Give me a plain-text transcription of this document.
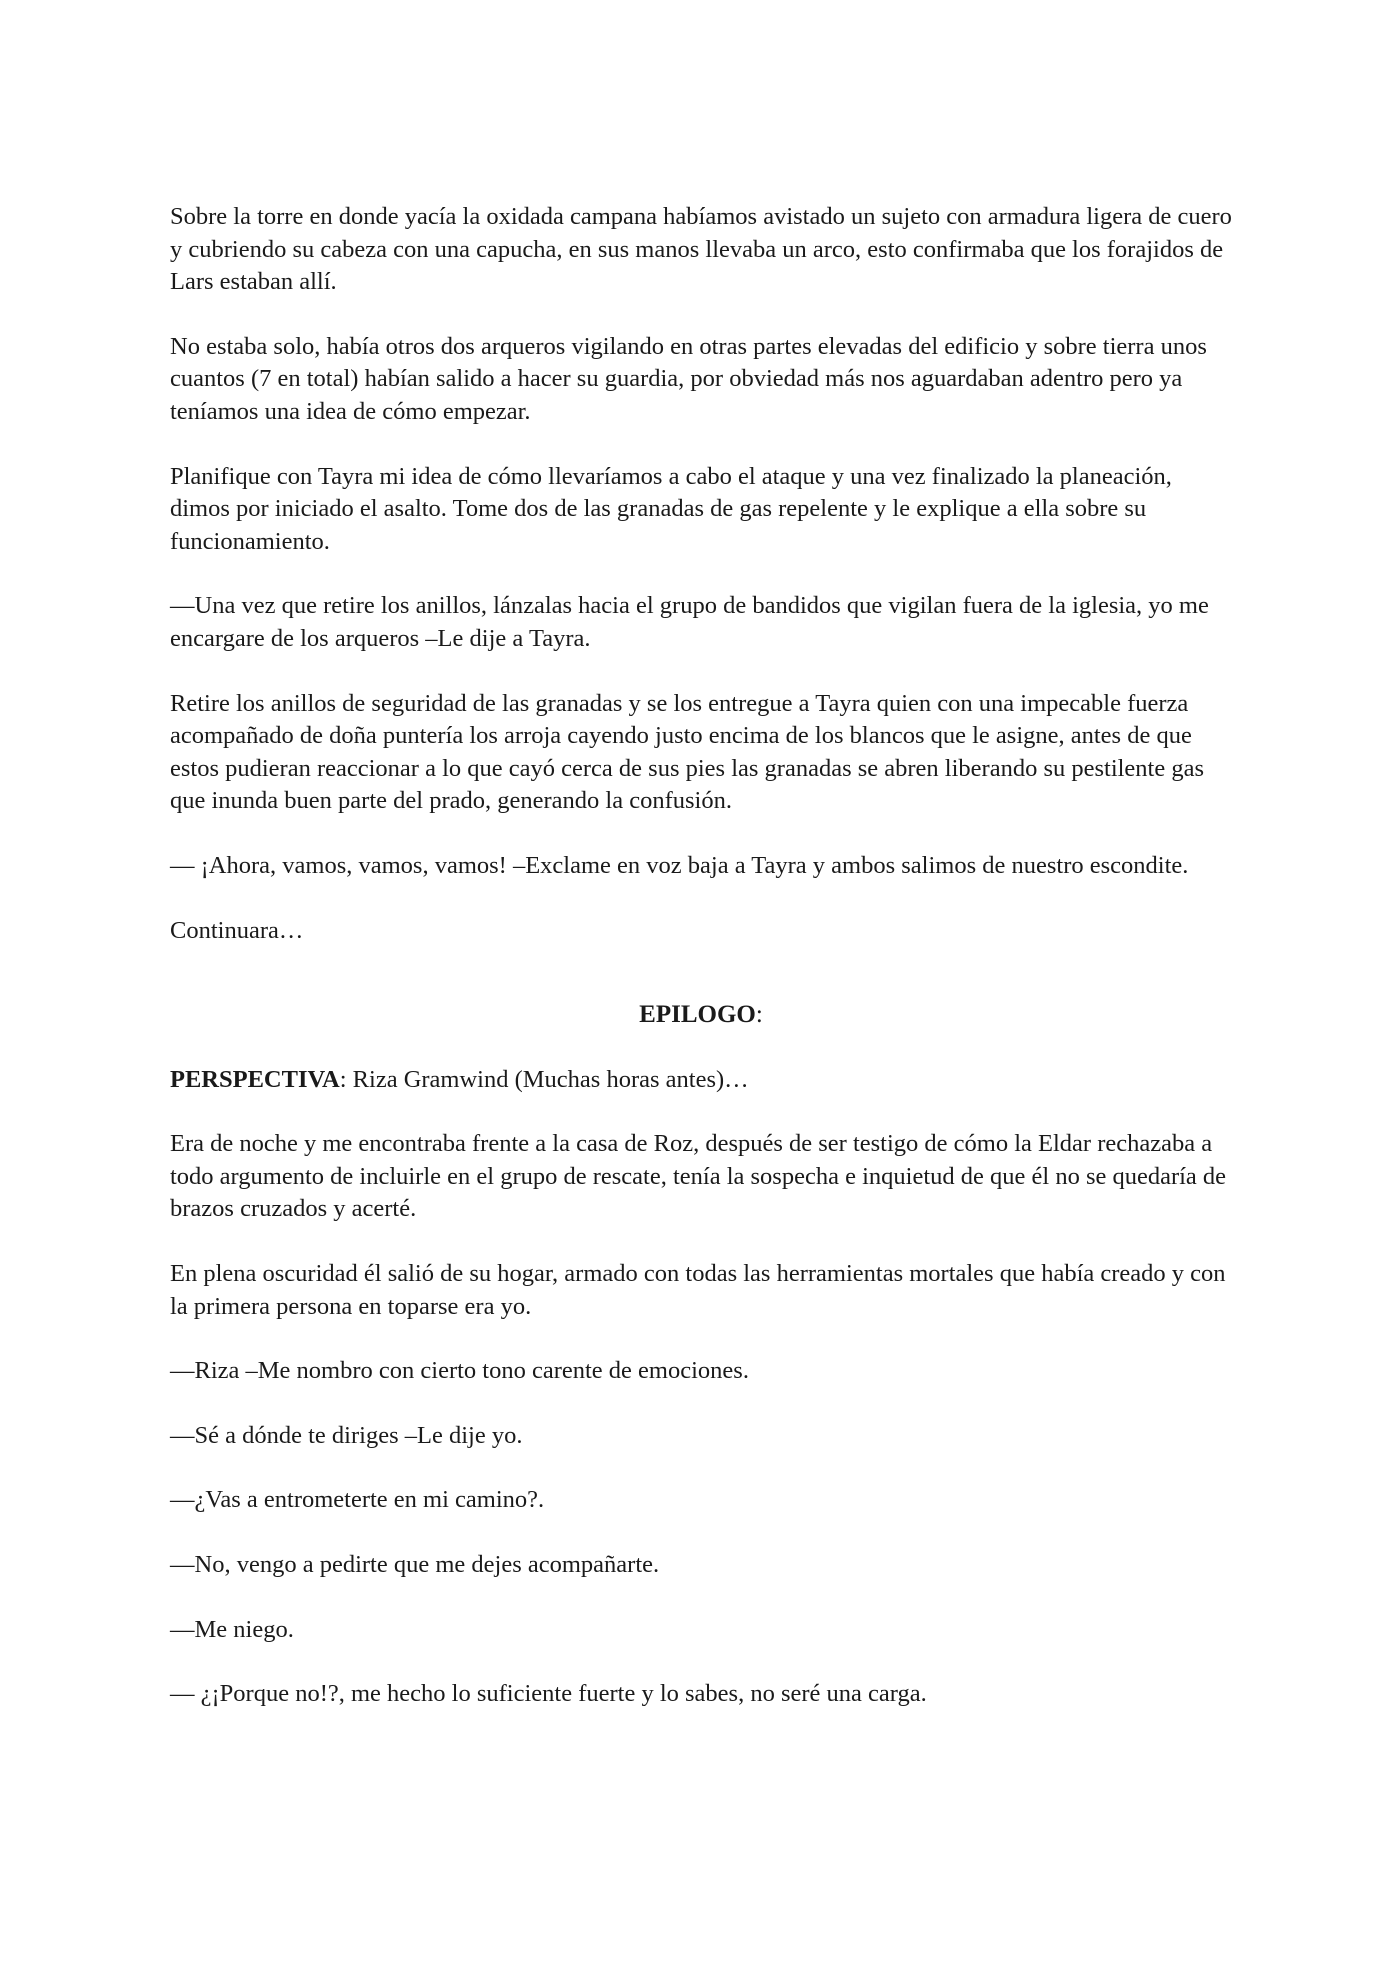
Sobre la torre en donde yacía la oxidada campana habíamos avistado un sujeto con armadura ligera de cuero y cubriendo su cabeza con una capucha, en sus manos llevaba un arco, esto confirmaba que los forajidos de Lars estaban allí.

No estaba solo, había otros dos arqueros vigilando en otras partes elevadas del edificio y sobre tierra unos cuantos (7 en total) habían salido a hacer su guardia, por obviedad más nos aguardaban adentro pero ya teníamos una idea de cómo empezar.

Planifique con Tayra mi idea de cómo llevaríamos a cabo el ataque y una vez finalizado la planeación, dimos por iniciado el asalto. Tome dos de las granadas de gas repelente y le explique a ella sobre su funcionamiento.

—Una vez que retire los anillos, lánzalas hacia el grupo de bandidos que vigilan fuera de la iglesia, yo me encargare de los arqueros –Le dije a Tayra.

Retire los anillos de seguridad de las granadas y se los entregue a Tayra quien con una impecable fuerza acompañado de doña puntería los arroja cayendo justo encima de los blancos que le asigne, antes de que estos pudieran reaccionar a lo que cayó cerca de sus pies las granadas se abren liberando su pestilente gas que inunda buen parte del prado, generando la confusión.

— ¡Ahora, vamos, vamos, vamos! –Exclame en voz baja a Tayra y ambos salimos de nuestro escondite.

Continuara…

EPILOGO:

PERSPECTIVA: Riza Gramwind (Muchas horas antes)…

Era de noche y me encontraba frente a la casa de Roz, después de ser testigo de cómo la Eldar rechazaba a todo argumento de incluirle en el grupo de rescate, tenía la sospecha e inquietud de que él no se quedaría de brazos cruzados y acerté.

En plena oscuridad él salió de su hogar, armado con todas las herramientas mortales que había creado y con la primera persona en toparse era yo.

—Riza –Me nombro con cierto tono carente de emociones.

—Sé a dónde te diriges –Le dije yo.

—¿Vas a entrometerte en mi camino?.

—No, vengo a pedirte que me dejes acompañarte.

—Me niego.

— ¿¡Porque no!?, me hecho lo suficiente fuerte y lo sabes, no seré una carga.
